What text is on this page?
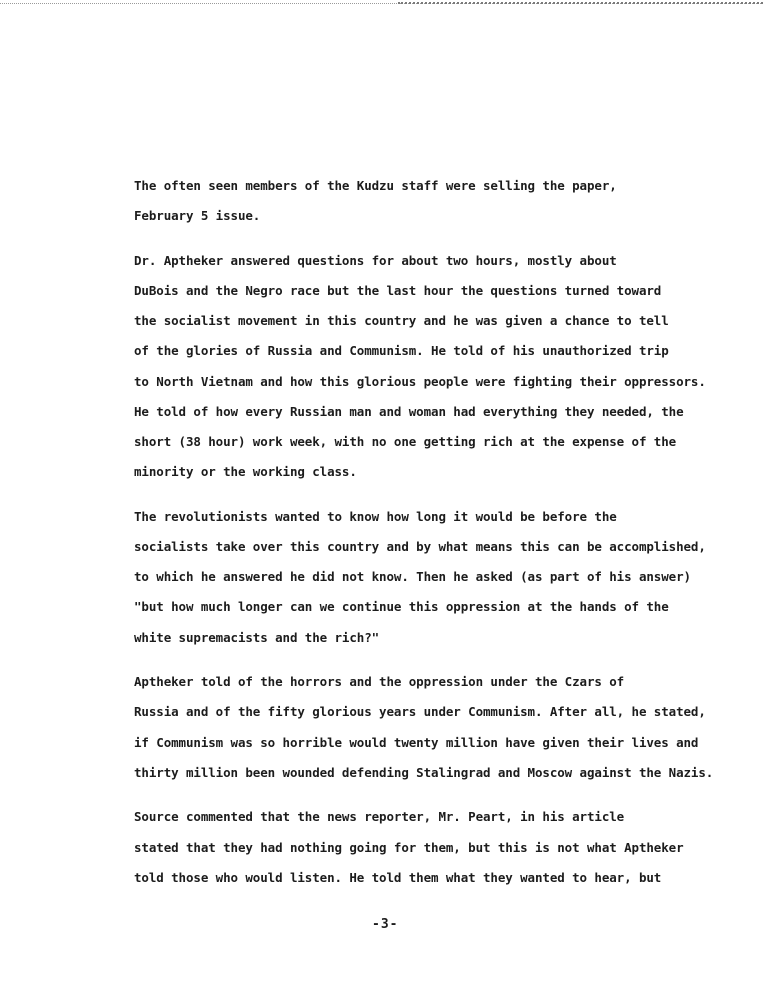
The often seen members of the Kudzu staff were selling the paper,
February 5 issue.

Dr. Aptheker answered questions for about two hours, mostly about
DuBois and the Negro race but the last hour the questions turned toward
the socialist movement in this country and he was given a chance to tell
of the glories of Russia and Communism. He told of his unauthorized trip
to North Vietnam and how this glorious people were fighting their oppressors.
He told of how every Russian man and woman had everything they needed, the
short (38 hour) work week, with no one getting rich at the expense of the
minority or the working class.

The revolutionists wanted to know how long it would be before the
socialists take over this country and by what means this can be accomplished,
to which he answered he did not know. Then he asked (as part of his answer)
"but how much longer can we continue this oppression at the hands of the
white supremacists and the rich?"

Aptheker told of the horrors and the oppression under the Czars of
Russia and of the fifty glorious years under Communism. After all, he stated,
if Communism was so horrible would twenty million have given their lives and
thirty million been wounded defending Stalingrad and Moscow against the Nazis.

Source commented that the news reporter, Mr. Peart, in his article
stated that they had nothing going for them, but this is not what Aptheker
told those who would listen. He told them what they wanted to hear, but

-3-
